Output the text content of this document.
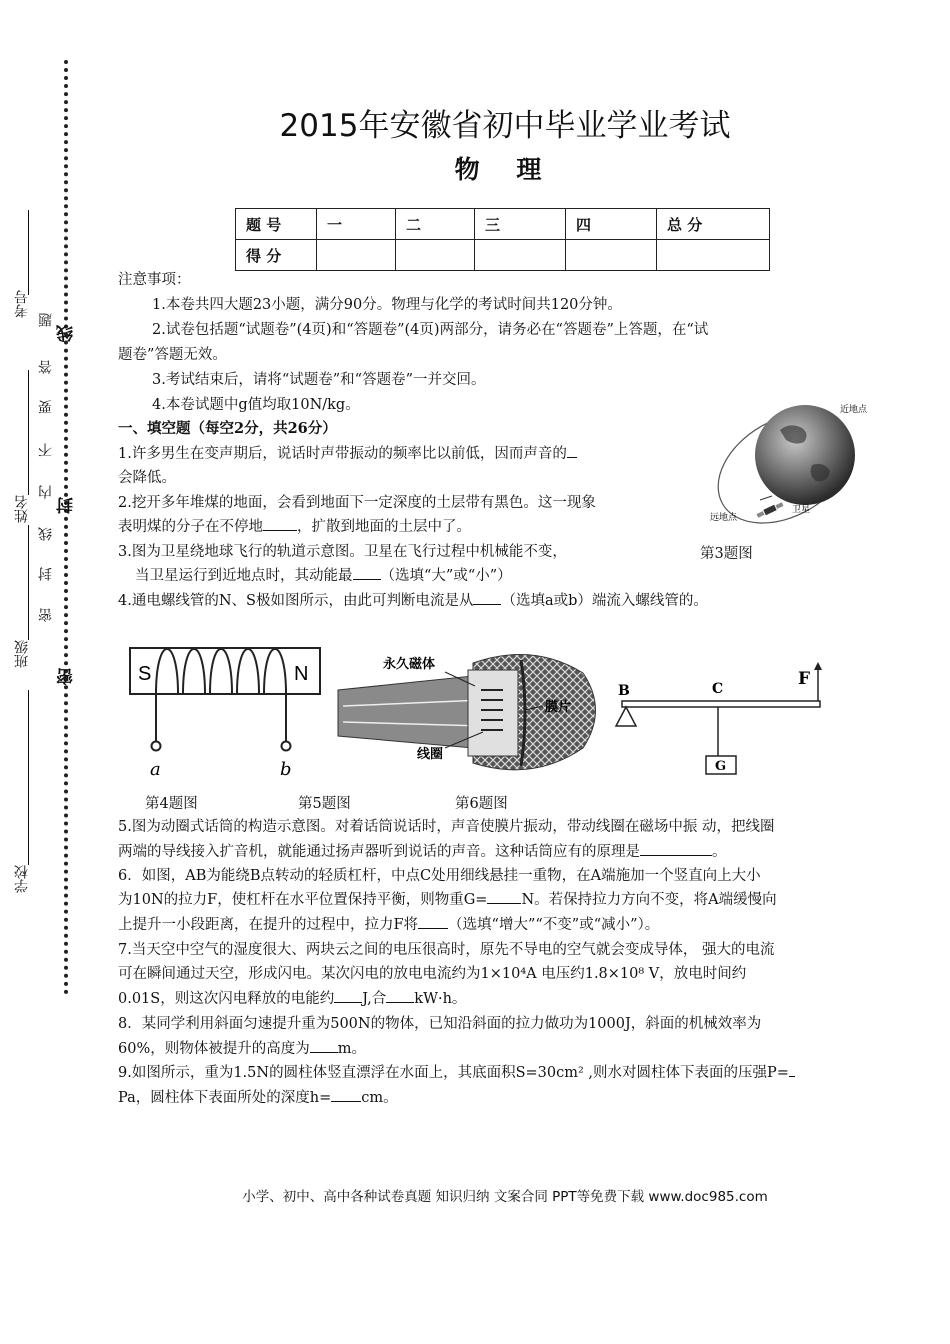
考号
姓名
班级
学校
题
答
要
不
内
线
封
密
线
封
密
2015年安徽省初中毕业学业考试
物 理
题 号	一	二	三	四	总 分
得 分					
注意事项：
1.本卷共四大题23小题，满分90分。物理与化学的考试时间共120分钟。
2.试卷包括题“试题卷”(4页)和“答题卷”(4页)两部分，请务必在“答题卷”上答题，在“试
题卷”答题无效。
3.考试结束后，请将“试题卷”和“答题卷”一并交回。
4.本卷试题中g值均取10N/kg。
一、填空题（每空2分，共26分）
1.许多男生在变声期后，说话时声带振动的频率比以前低，因而声音的
会降低。
2.挖开多年堆煤的地面，会看到地面下一定深度的土层带有黑色。这一现象
表明煤的分子在不停地 ，扩散到地面的土层中了。
3.图为卫星绕地球飞行的轨道示意图。卫星在飞行过程中机械能不变，
当卫星运行到近地点时，其动能最 （选填“大”或“小”）
4.通电螺线管的N、S极如图所示，由此可判断电流是从 （选填a或b）端流入螺线管的。
近地点
远地点
卫星
第3题图
S	N
a	b
第4题图
永久磁体
膜片
线圈
第5题图
B	C	F
G
第6题图
5.图为动圈式话筒的构造示意图。对着话筒说话时，声音使膜片振动，带动线圈在磁场中振 动，把线圈
两端的导线接入扩音机，就能通过扬声器听到说话的声音。这种话筒应有的原理是	。
6．如图，AB为能绕B点转动的轻质杠杆，中点C处用细线悬挂一重物，在A端施加一个竖直向上大小
为10N的拉力F，使杠杆在水平位置保持平衡，则物重G= N。若保持拉力方向不变，将A端缓慢向
上提升一小段距离，在提升的过程中，拉力F将 （选填“增大”“不变”或“减小”）。
7.当天空中空气的湿度很大、两块云之间的电压很高时，原先不导电的空气就会变成导体， 强大的电流
可在瞬间通过天空，形成闪电。某次闪电的放电电流约为1×10⁴A 电压约1.8×10⁸ V，放电时间约
0.01S，则这次闪电释放的电能约 J,合 kW·h。
8．某同学利用斜面匀速提升重为500N的物体，已知沿斜面的拉力做功为1000J，斜面的机械效率为
60%，则物体被提升的高度为 m。
9.如图所示，重为1.5N的圆柱体竖直漂浮在水面上，其底面积S=30cm² ,则水对圆柱体下表面的压强P=
Pa，圆柱体下表面所处的深度h= cm。
小学、初中、高中各种试卷真题 知识归纳 文案合同 PPT等免费下载 www.doc985.com
